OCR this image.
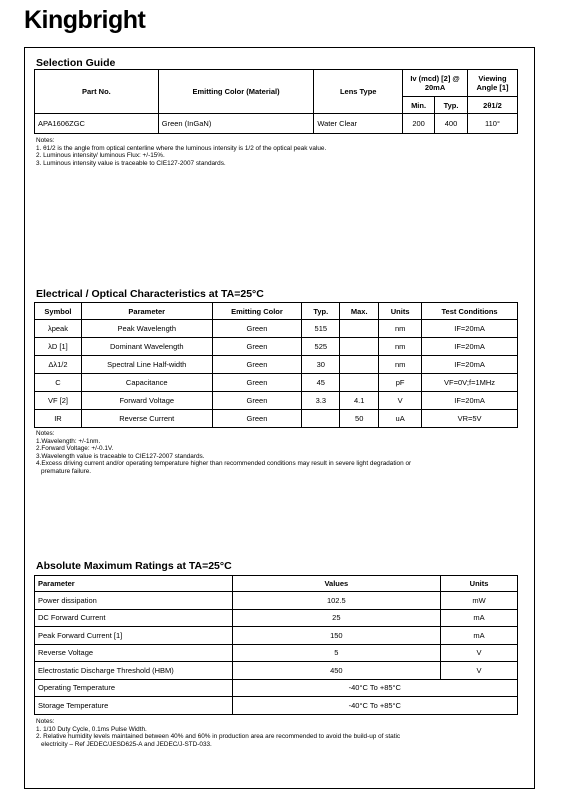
Kingbright
Selection Guide
Part No.	Emitting Color (Material)	Lens Type	Iv (mcd) [2] @ 20mA		Viewing Angle [1]
			Min.	Typ.	2θ1/2
APA1606ZGC	Green (InGaN)	Water Clear	200	400	110°
Notes:
1. θ1/2 is the angle from optical centerline where the luminous intensity is 1/2 of the optical peak value.
2. Luminous intensity/ luminous Flux: +/-15%.
3. Luminous intensity value is traceable to CIE127-2007 standards.
Electrical / Optical Characteristics at TA=25°C
Symbol	Parameter	Emitting Color	Typ.	Max.	Units	Test Conditions
λpeak	Peak Wavelength	Green	515		nm	IF=20mA
λD [1]	Dominant Wavelength	Green	525		nm	IF=20mA
Δλ1/2	Spectral Line Half-width	Green	30		nm	IF=20mA
C	Capacitance	Green	45		pF	VF=0V;f=1MHz
VF [2]	Forward Voltage	Green	3.3	4.1	V	IF=20mA
IR	Reverse Current	Green		50	uA	VR=5V
Notes:
1.Wavelength: +/-1nm.
2.Forward Voltage: +/-0.1V.
3.Wavelength value is traceable to CIE127-2007 standards.
4.Excess driving current and/or operating temperature higher than recommended conditions may result in severe light degradation or
premature failure.
Absolute Maximum Ratings at TA=25°C
Parameter	Values	Units
Power dissipation	102.5	mW
DC Forward Current	25	mA
Peak Forward Current [1]	150	mA
Reverse Voltage	5	V
Electrostatic Discharge Threshold (HBM)	450	V
Operating Temperature	-40°C To +85°C	
Storage Temperature	-40°C To +85°C	
Notes:
1. 1/10 Duty Cycle, 0.1ms Pulse Width.
2. Relative humidity levels maintained between 40% and 60% in production area are recommended to avoid the build-up of static
electricity – Ref JEDEC/JESD625-A and JEDEC/J-STD-033.
